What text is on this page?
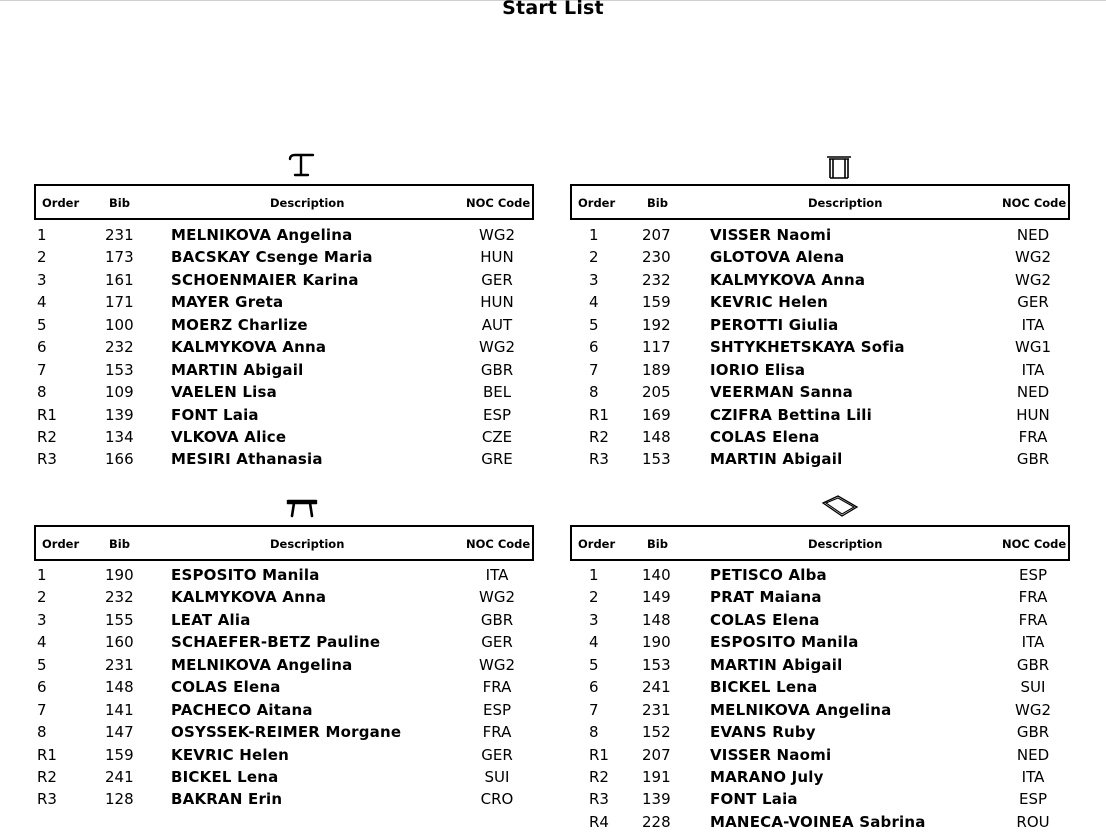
Start List
Order	Bib	Description	NOC Code
1	231 MELNIKOVA Angelina	WG2
2	173 BACSKAY Csenge Maria	HUN
3	161 SCHOENMAIER Karina	GER
4	171 MAYER Greta	HUN
5	100 MOERZ Charlize	AUT
6	232 KALMYKOVA Anna	WG2
7	153 MARTIN Abigail	GBR
8	109 VAELEN Lisa	BEL
R1	139 FONT Laia	ESP
R2	134 VLKOVA Alice	CZE
R3	166 MESIRI Athanasia	GRE
Order	Bib	Description	NOC Code
1	207	VISSER Naomi	NED
2	230	GLOTOVA Alena	WG2
3	232	KALMYKOVA Anna	WG2
4	159	KEVRIC Helen	GER
5	192	PEROTTI Giulia	ITA
6	117	SHTYKHETSKAYA Sofia	WG1
7	189	IORIO Elisa	ITA
8	205	VEERMAN Sanna	NED
R1 169	CZIFRA Bettina Lili	HUN
R2 148	COLAS Elena	FRA
R3 153	MARTIN Abigail	GBR
Order	Bib	Description	NOC Code
1	190 ESPOSITO Manila	ITA
2	232 KALMYKOVA Anna	WG2
3	155 LEAT Alia	GBR
4	160 SCHAEFER-BETZ Pauline	GER
5	231 MELNIKOVA Angelina	WG2
6	148 COLAS Elena	FRA
7	141 PACHECO Aitana	ESP
8	147 OSYSSEK-REIMER Morgane	FRA
R1	159 KEVRIC Helen	GER
R2	241 BICKEL Lena	SUI
R3	128 BAKRAN Erin	CRO
Order	Bib	Description	NOC Code
1	140	PETISCO Alba	ESP
2	149	PRAT Maiana	FRA
3	148	COLAS Elena	FRA
4	190	ESPOSITO Manila	ITA
5	153	MARTIN Abigail	GBR
6	241	BICKEL Lena	SUI
7	231	MELNIKOVA Angelina	WG2
8	152	EVANS Ruby	GBR
R1 207	VISSER Naomi	NED
R2 191	MARANO July	ITA
R3 139	FONT Laia	ESP
R4 228	MANECA-VOINEA Sabrina	ROU
